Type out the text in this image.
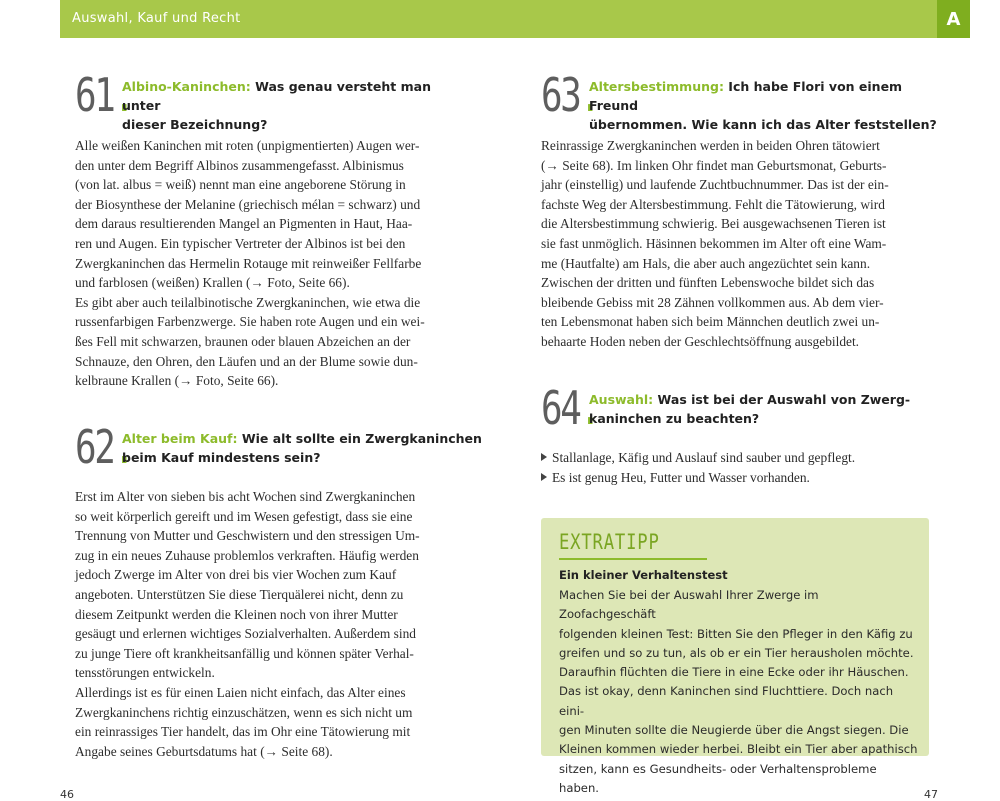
Auswahl, Kauf und Recht	A
61.
Albino-Kaninchen: Was genau versteht man unter
dieser Bezeichnung?

Alle weißen Kaninchen mit roten (unpigmentierten) Augen wer-

den unter dem Begriff Albinos zusammengefasst. Albinismus

(von lat. albus = weiß) nennt man eine angeborene Störung in

der Biosynthese der Melanine (griechisch mélan = schwarz) und

dem daraus resultierenden Mangel an Pigmenten in Haut, Haa-

ren und Augen. Ein typischer Vertreter der Albinos ist bei den

Zwergkaninchen das Hermelin Rotauge mit reinweißer Fellfarbe

und farblosen (weißen) Krallen (→ Foto, Seite 66).

Es gibt aber auch teilalbinotische Zwergkaninchen, wie etwa die

russenfarbigen Farbenzwerge. Sie haben rote Augen und ein wei-

ßes Fell mit schwarzen, braunen oder blauen Abzeichen an der

Schnauze, den Ohren, den Läufen und an der Blume sowie dun-

kelbraune Krallen (→ Foto, Seite 66).

62.
Alter beim Kauf: Wie alt sollte ein Zwergkaninchen
beim Kauf mindestens sein?

Erst im Alter von sieben bis acht Wochen sind Zwergkaninchen

so weit körperlich gereift und im Wesen gefestigt, dass sie eine

Trennung von Mutter und Geschwistern und den stressigen Um-

zug in ein neues Zuhause problemlos verkraften. Häufig werden

jedoch Zwerge im Alter von drei bis vier Wochen zum Kauf

angeboten. Unterstützen Sie diese Tierquälerei nicht, denn zu

diesem Zeitpunkt werden die Kleinen noch von ihrer Mutter

gesäugt und erlernen wichtiges Sozialverhalten. Außerdem sind

zu junge Tiere oft krankheitsanfällig und können später Verhal-

tensstörungen entwickeln.

Allerdings ist es für einen Laien nicht einfach, das Alter eines

Zwergkaninchens richtig einzuschätzen, wenn es sich nicht um

ein reinrassiges Tier handelt, das im Ohr eine Tätowierung mit

Angabe seines Geburtsdatums hat (→ Seite 68).

63.
Altersbestimmung: Ich habe Flori von einem Freund
übernommen. Wie kann ich das Alter feststellen?

Reinrassige Zwergkaninchen werden in beiden Ohren tätowiert

(→ Seite 68). Im linken Ohr findet man Geburtsmonat, Geburts-

jahr (einstellig) und laufende Zuchtbuchnummer. Das ist der ein-

fachste Weg der Altersbestimmung. Fehlt die Tätowierung, wird

die Altersbestimmung schwierig. Bei ausgewachsenen Tieren ist

sie fast unmöglich. Häsinnen bekommen im Alter oft eine Wam-

me (Hautfalte) am Hals, die aber auch angezüchtet sein kann.

Zwischen der dritten und fünften Lebenswoche bildet sich das

bleibende Gebiss mit 28 Zähnen vollkommen aus. Ab dem vier-

ten Lebensmonat haben sich beim Männchen deutlich zwei un-

behaarte Hoden neben der Geschlechtsöffnung ausgebildet.

64.
Auswahl: Was ist bei der Auswahl von Zwerg-
kaninchen zu beachten?
Stallanlage, Käfig und Auslauf sind sauber und gepflegt.
Es ist genug Heu, Futter und Wasser vorhanden.
EXTRATIPP
Ein kleiner Verhaltenstest
Machen Sie bei der Auswahl Ihrer Zwerge im Zoofachgeschäft
folgenden kleinen Test: Bitten Sie den Pfleger in den Käfig zu
greifen und so zu tun, als ob er ein Tier herausholen möchte.
Daraufhin flüchten die Tiere in eine Ecke oder ihr Häuschen.
Das ist okay, denn Kaninchen sind Fluchttiere. Doch nach eini-
gen Minuten sollte die Neugierde über die Angst siegen. Die
Kleinen kommen wieder herbei. Bleibt ein Tier aber apathisch
sitzen, kann es Gesundheits- oder Verhaltensprobleme haben.
46	47
